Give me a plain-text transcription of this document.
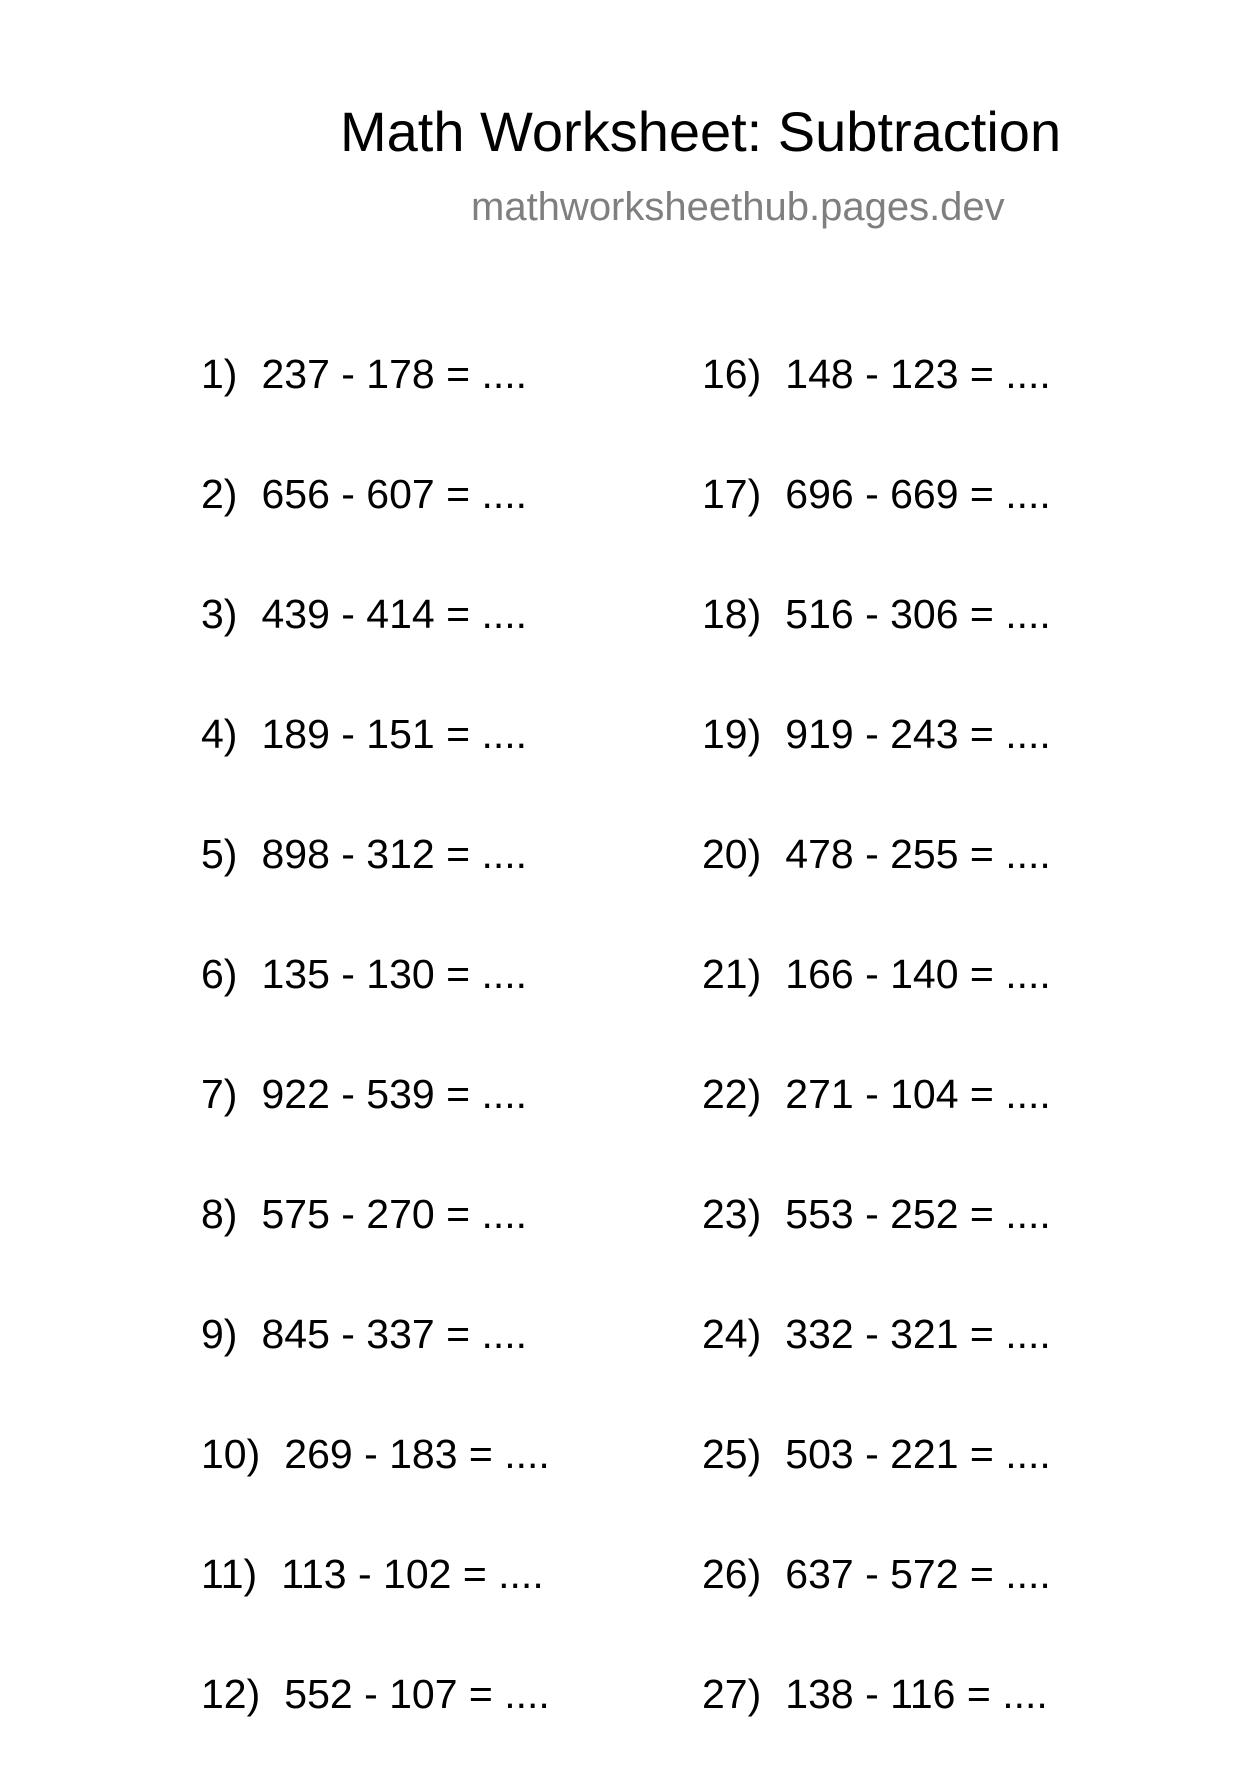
Math Worksheet: Subtraction
mathworksheethub.pages.dev
1) 237 - 178 = ....
2) 656 - 607 = ....
3) 439 - 414 = ....
4) 189 - 151 = ....
5) 898 - 312 = ....
6) 135 - 130 = ....
7) 922 - 539 = ....
8) 575 - 270 = ....
9) 845 - 337 = ....
10) 269 - 183 = ....
11) 113 - 102 = ....
12) 552 - 107 = ....
16) 148 - 123 = ....
17) 696 - 669 = ....
18) 516 - 306 = ....
19) 919 - 243 = ....
20) 478 - 255 = ....
21) 166 - 140 = ....
22) 271 - 104 = ....
23) 553 - 252 = ....
24) 332 - 321 = ....
25) 503 - 221 = ....
26) 637 - 572 = ....
27) 138 - 116 = ....
